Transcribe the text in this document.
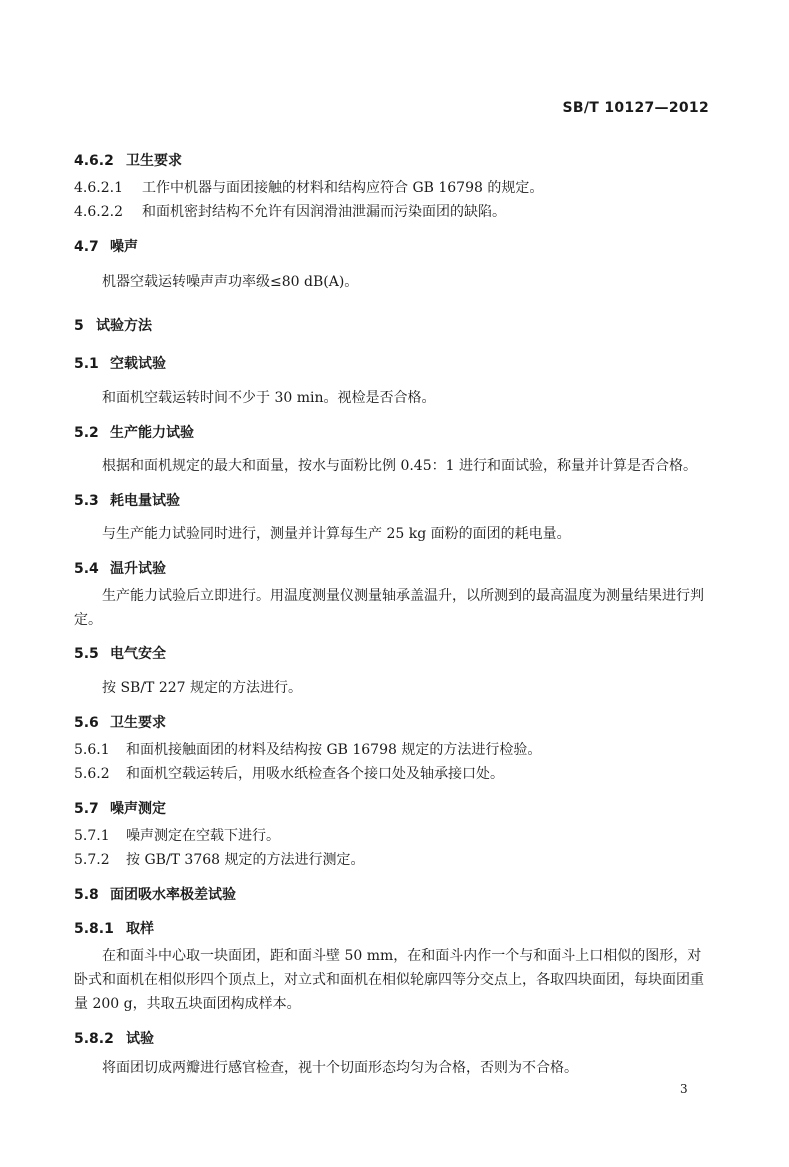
SB/T 10127—2012
4.6.2 卫生要求
4.6.2.1 工作中机器与面团接触的材料和结构应符合 GB 16798 的规定。
4.6.2.2 和面机密封结构不允许有因润滑油泄漏而污染面团的缺陷。
4.7 噪声
机器空载运转噪声声功率级≤80 dB(A)。
5 试验方法
5.1 空载试验
和面机空载运转时间不少于 30 min。视检是否合格。
5.2 生产能力试验
根据和面机规定的最大和面量，按水与面粉比例 0.45：1 进行和面试验，称量并计算是否合格。
5.3 耗电量试验
与生产能力试验同时进行，测量并计算每生产 25 kg 面粉的面团的耗电量。
5.4 温升试验
生产能力试验后立即进行。用温度测量仪测量轴承盖温升，以所测到的最高温度为测量结果进行判定。
5.5 电气安全
按 SB/T 227 规定的方法进行。
5.6 卫生要求
5.6.1 和面机接触面团的材料及结构按 GB 16798 规定的方法进行检验。
5.6.2 和面机空载运转后，用吸水纸检查各个接口处及轴承接口处。
5.7 噪声测定
5.7.1 噪声测定在空载下进行。
5.7.2 按 GB/T 3768 规定的方法进行测定。
5.8 面团吸水率极差试验
5.8.1 取样
在和面斗中心取一块面团，距和面斗壁 50 mm，在和面斗内作一个与和面斗上口相似的图形，对卧式和面机在相似形四个顶点上，对立式和面机在相似轮廓四等分交点上，各取四块面团，每块面团重量 200 g，共取五块面团构成样本。
5.8.2 试验
将面团切成两瓣进行感官检查，视十个切面形态均匀为合格，否则为不合格。
3
